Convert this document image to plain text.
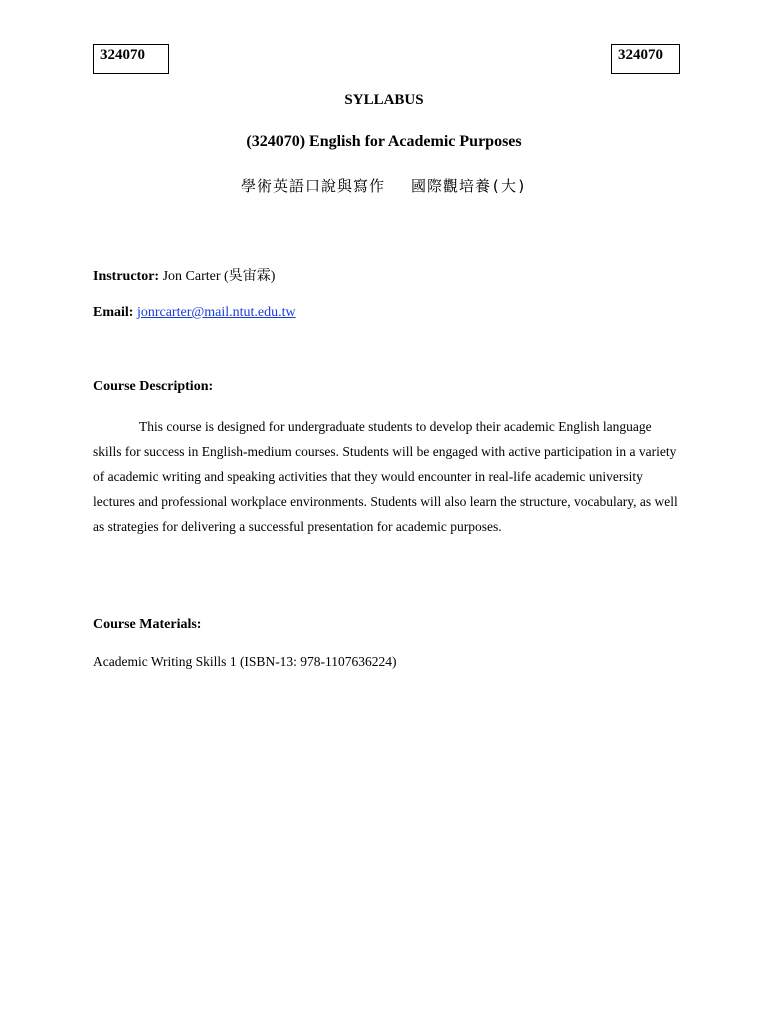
324070	324070
SYLLABUS
(324070) English for Academic Purposes
學術英語口說與寫作 國際觀培養(大)
Instructor: Jon Carter (吳宙霖)
Email: jonrcarter@mail.ntut.edu.tw
Course Description:

This course is designed for undergraduate students to develop their academic English language skills for success in English-medium courses. Students will be engaged with active participation in a variety of academic writing and speaking activities that they would encounter in real-life academic university lectures and professional workplace environments. Students will also learn the structure, vocabulary, as well as strategies for delivering a successful presentation for academic purposes.

Course Materials:
Academic Writing Skills 1 (ISBN-13: 978-1107636224)
